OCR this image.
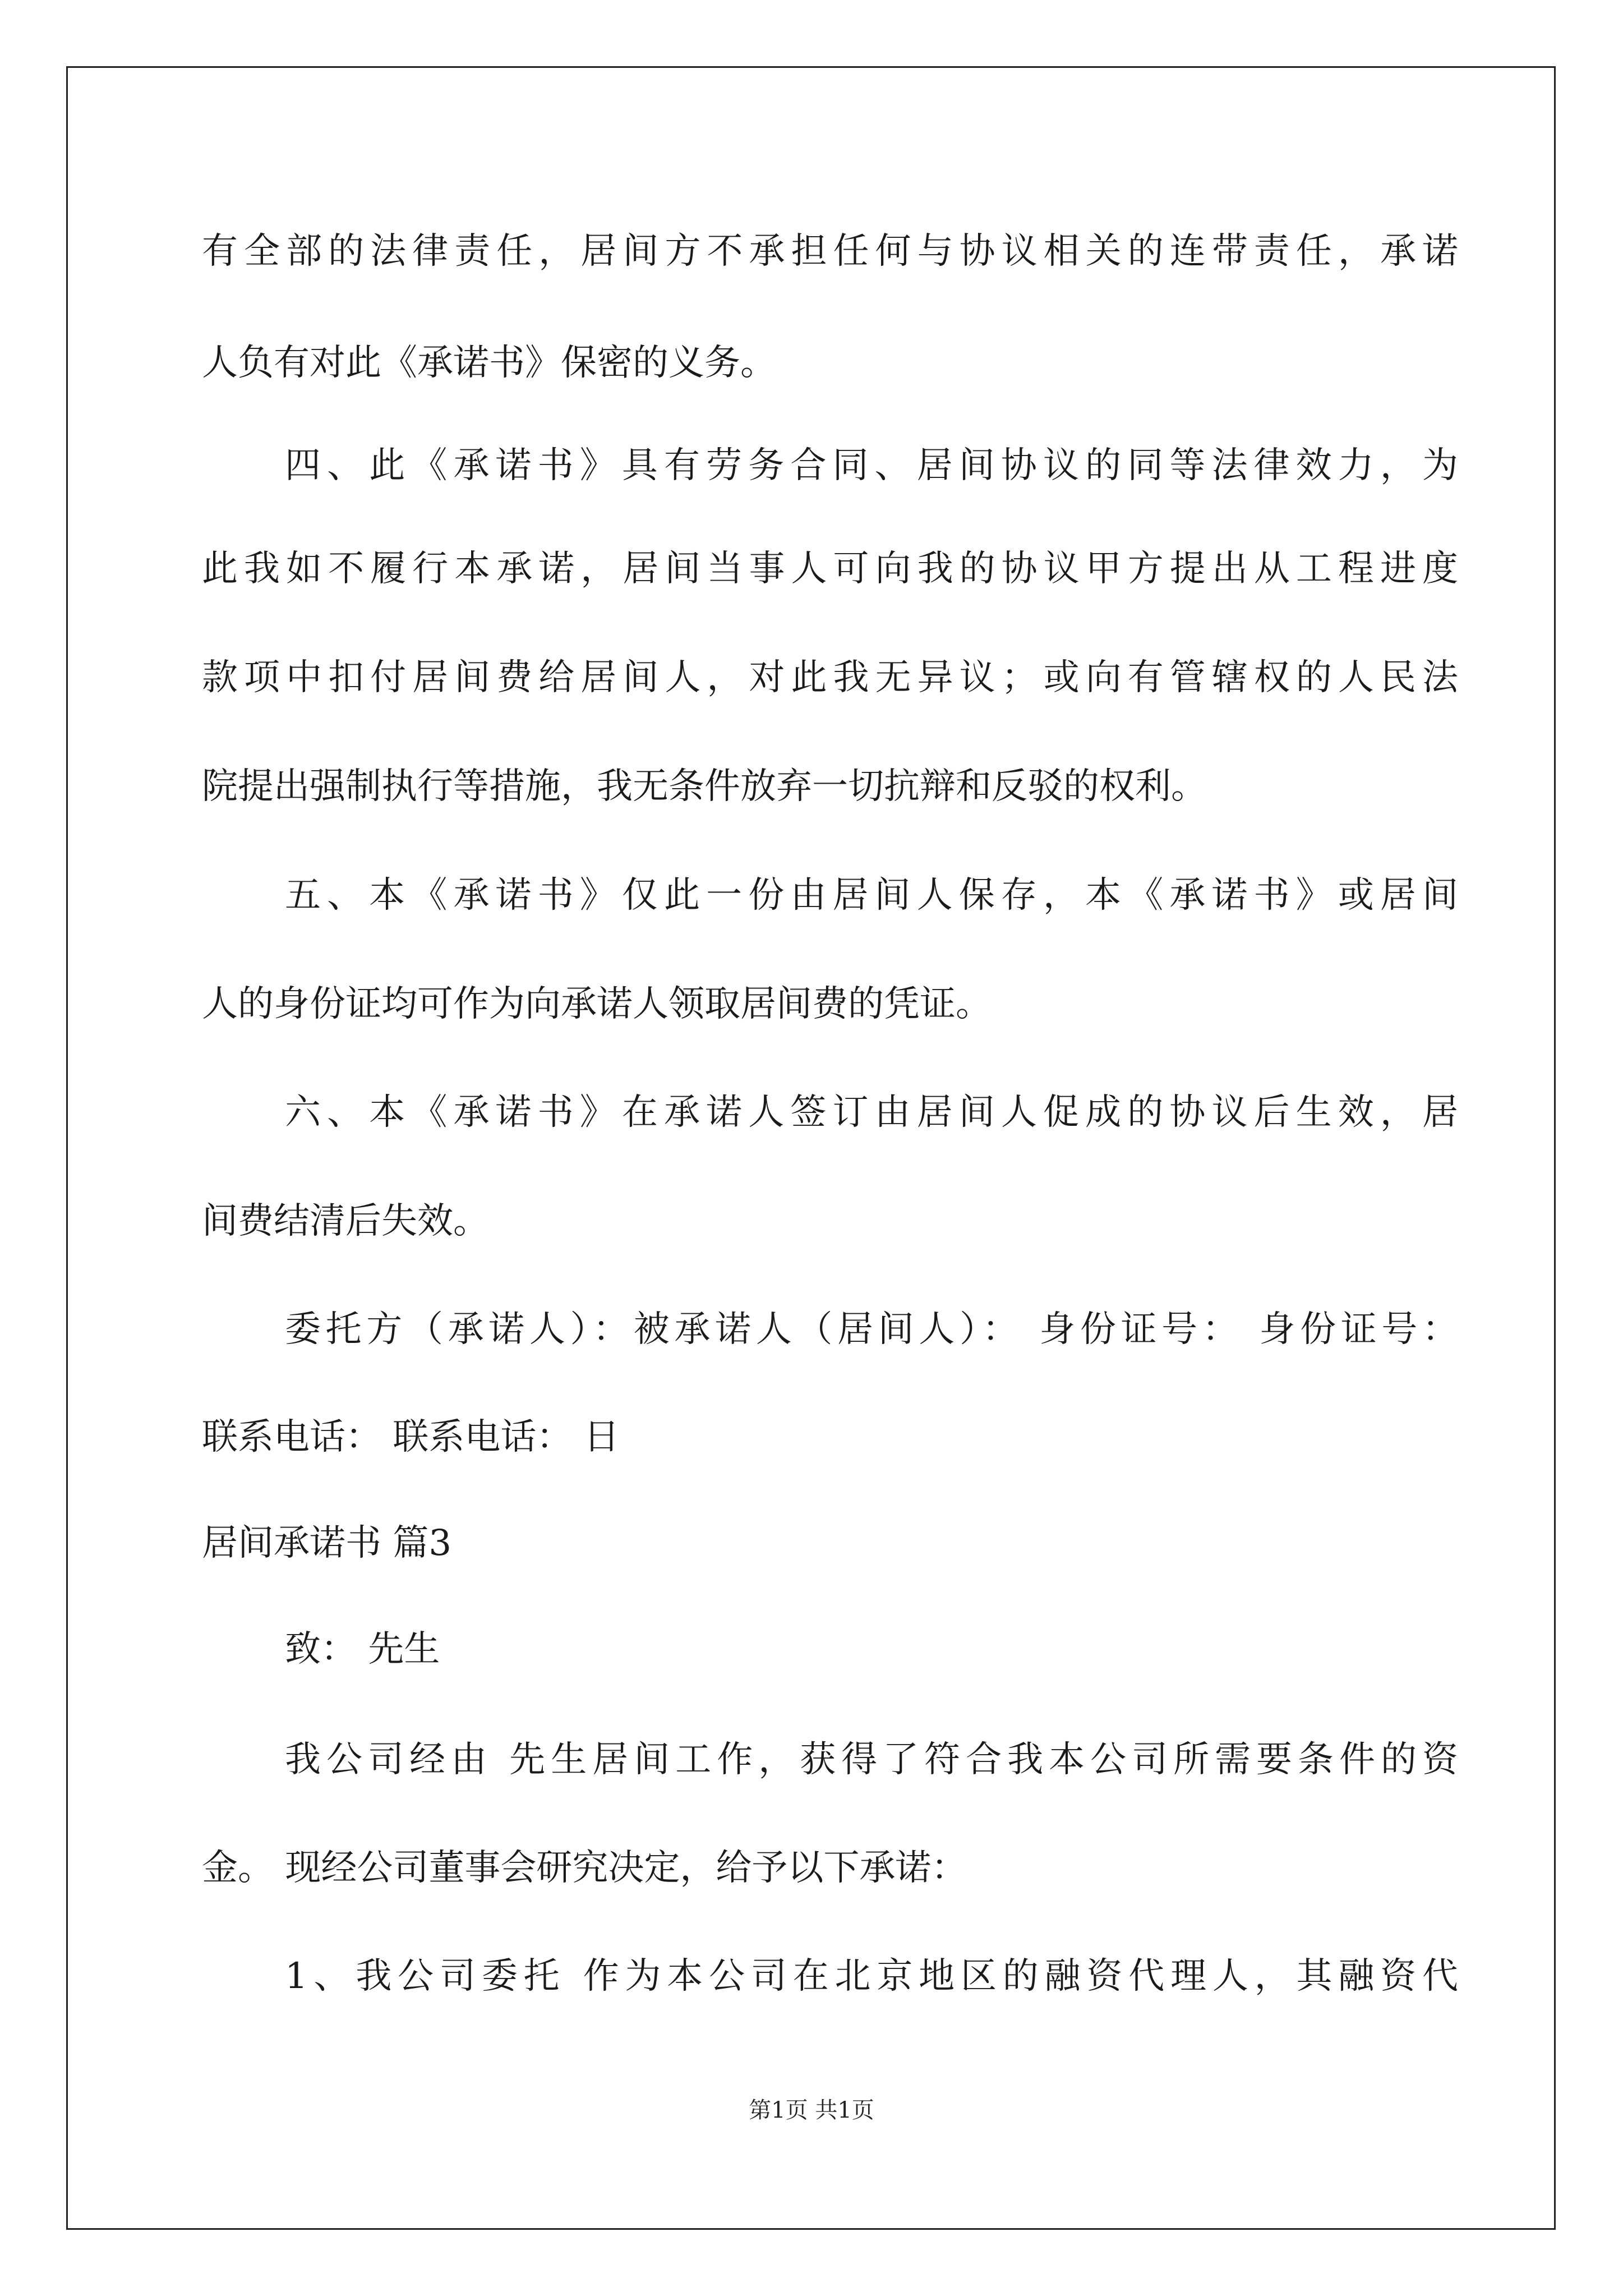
有全部的法律责任，居间方不承担任何与协议相关的连带责任，承诺
人负有对此《承诺书》保密的义务。
四、此《承诺书》具有劳务合同、居间协议的同等法律效力，为
此我如不履行本承诺，居间当事人可向我的协议甲方提出从工程进度
款项中扣付居间费给居间人，对此我无异议；或向有管辖权的人民法
院提出强制执行等措施，我无条件放弃一切抗辩和反驳的权利。
五、本《承诺书》仅此一份由居间人保存，本《承诺书》或居间
人的身份证均可作为向承诺人领取居间费的凭证。
六、本《承诺书》在承诺人签订由居间人促成的协议后生效，居
间费结清后失效。
委托方（承诺人）：被承诺人（居间人）： 身份证号： 身份证号：
联系电话： 联系电话： 日
居间承诺书 篇3
致： 先生
我公司经由 先生居间工作，获得了符合我本公司所需要条件的资
金。 现经公司董事会研究决定，给予以下承诺：
1、我公司委托 作为本公司在北京地区的融资代理人，其融资代
第1页 共1页
